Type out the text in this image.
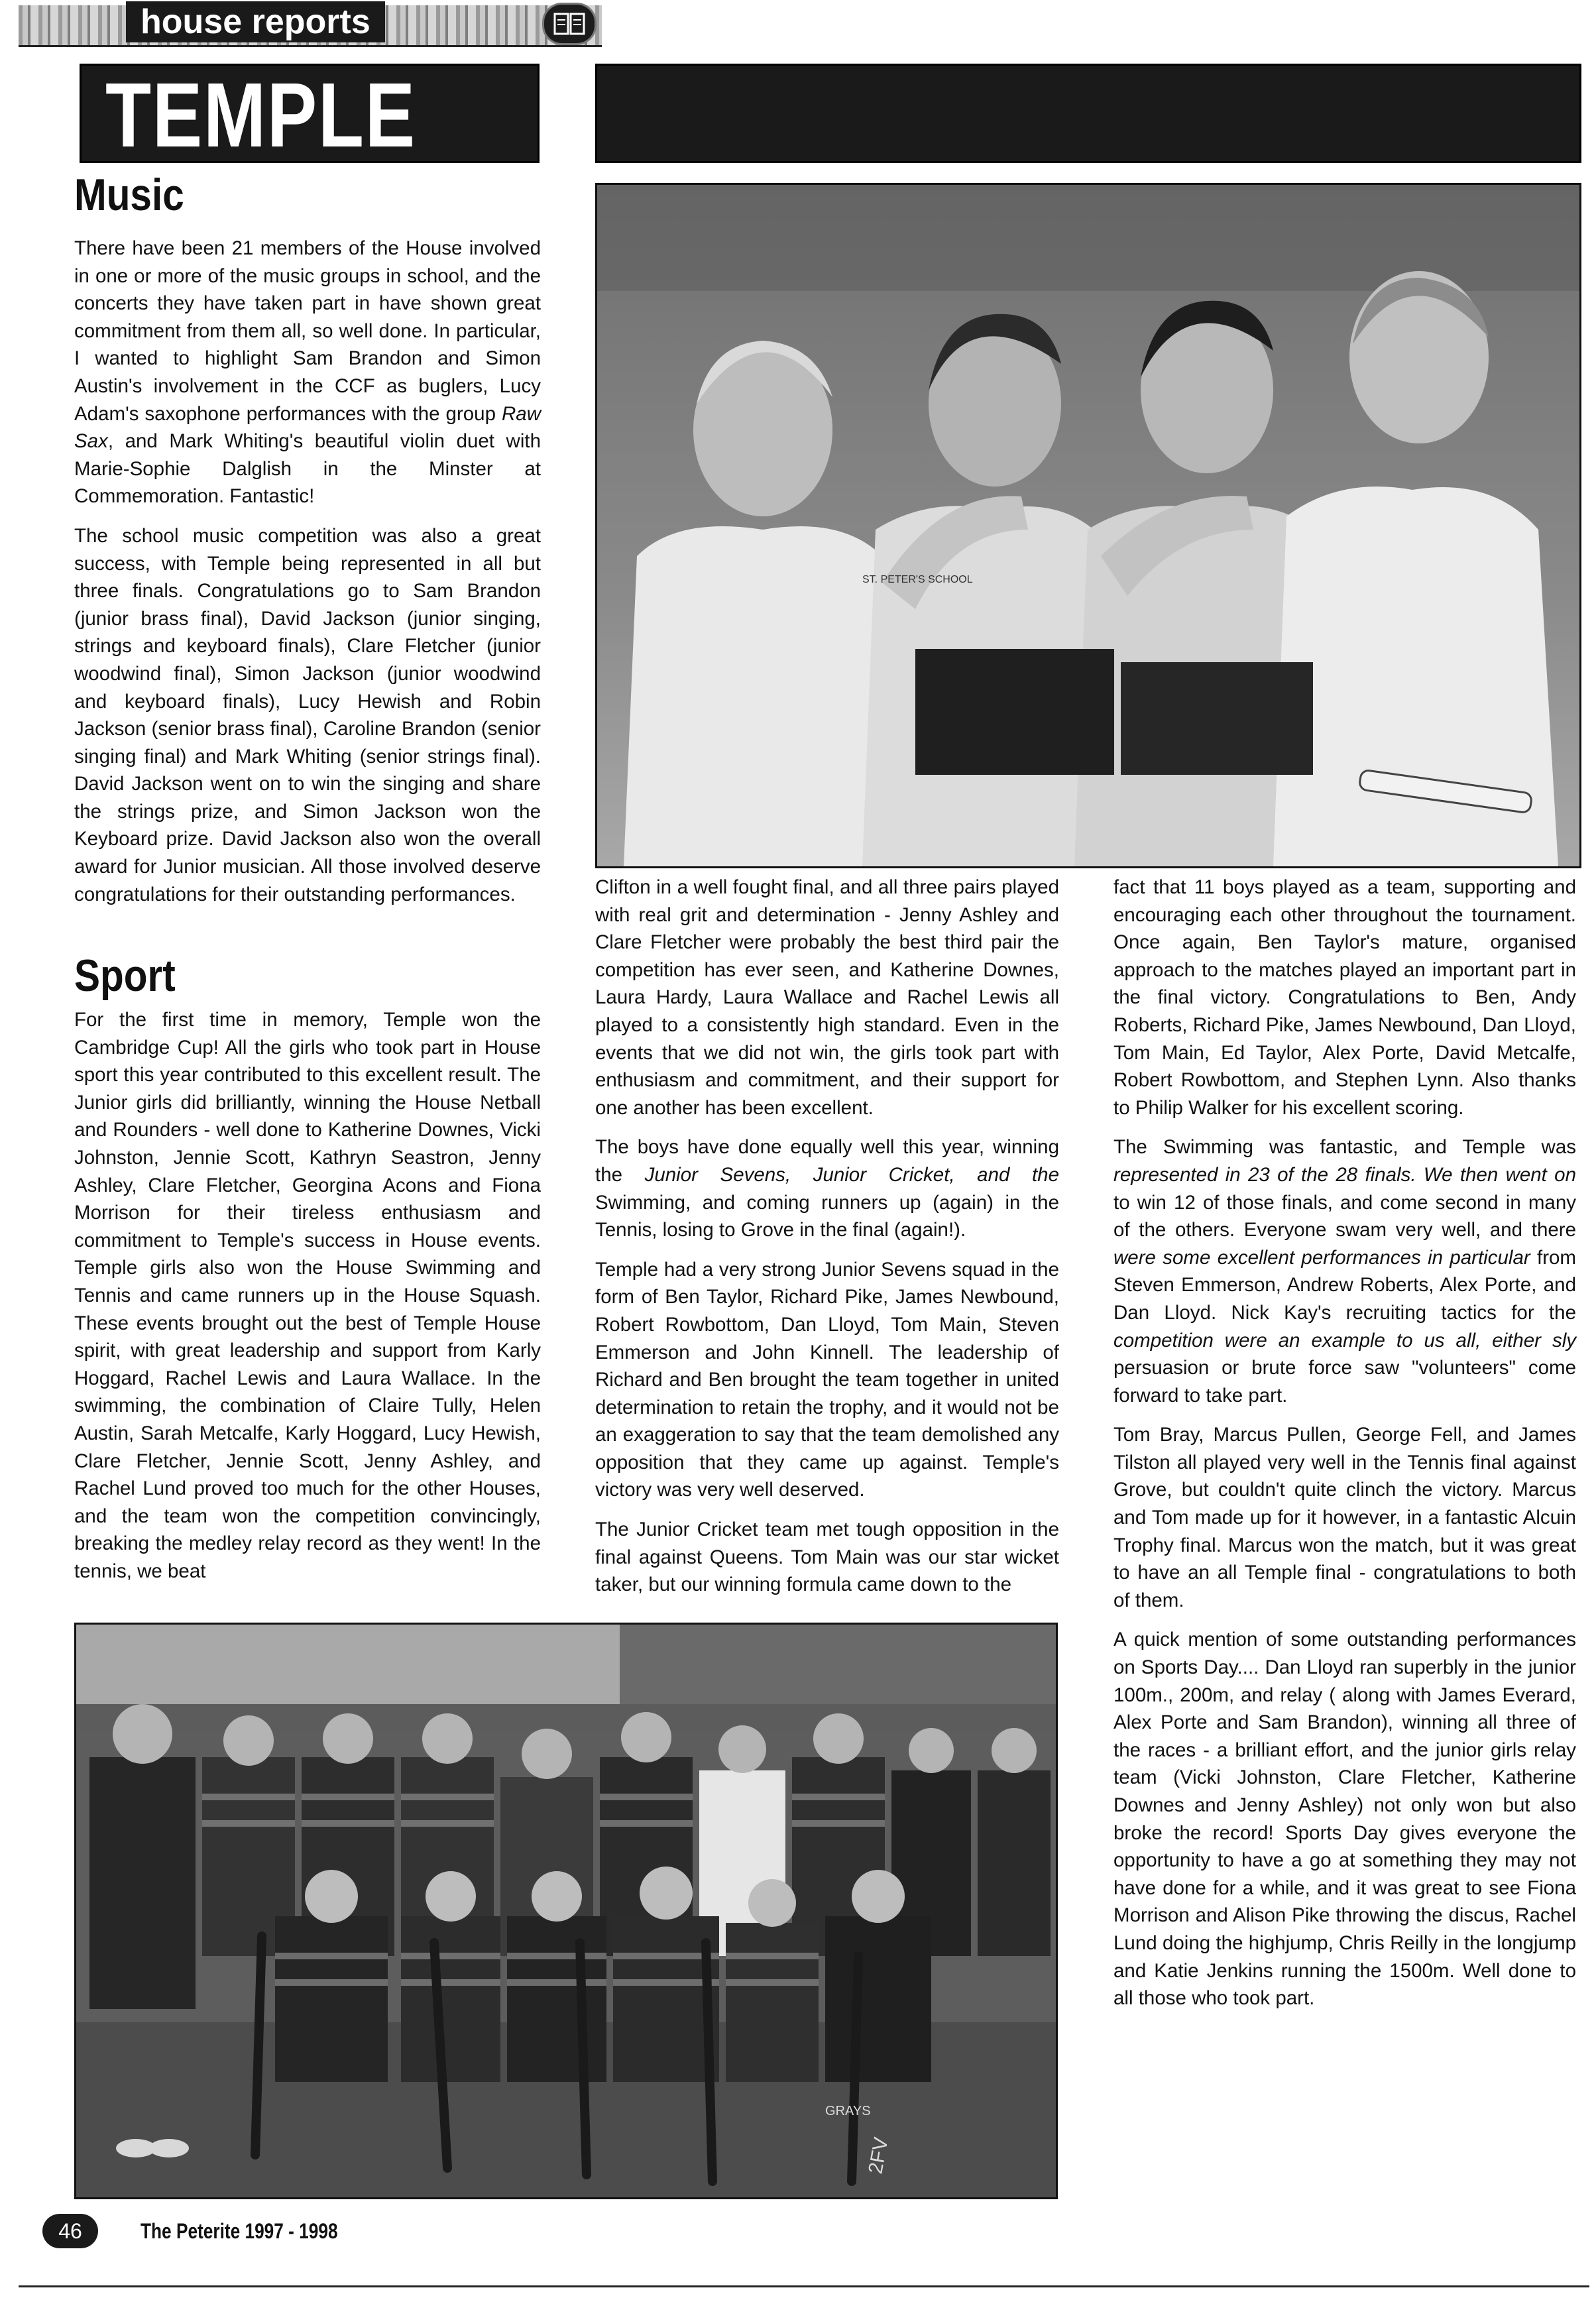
house reports
TEMPLE
Music

There have been 21 members of the House involved in one or more of the music groups in school, and the concerts they have taken part in have shown great commitment from them all, so well done. In particular, I wanted to highlight Sam Brandon and Simon Austin's involvement in the CCF as buglers, Lucy Adam's saxophone performances with the group Raw Sax, and Mark Whiting's beautiful violin duet with Marie-Sophie Dalglish in the Minster at Commemoration. Fantastic!

The school music competition was also a great success, with Temple being represented in all but three finals. Congratulations go to Sam Brandon (junior brass final), David Jackson (junior singing, strings and keyboard finals), Clare Fletcher (junior woodwind final), Simon Jackson (junior woodwind and keyboard finals), Lucy Hewish and Robin Jackson (senior brass final), Caroline Brandon (senior singing final) and Mark Whiting (senior strings final). David Jackson went on to win the singing and share the strings prize, and Simon Jackson won the Keyboard prize. David Jackson also won the overall award for Junior musician. All those involved deserve congratulations for their outstanding performances.

Sport

For the first time in memory, Temple won the Cambridge Cup! All the girls who took part in House sport this year contributed to this excellent result. The Junior girls did brilliantly, winning the House Netball and Rounders - well done to Katherine Downes, Vicki Johnston, Jennie Scott, Kathryn Seastron, Jenny Ashley, Clare Fletcher, Georgina Acons and Fiona Morrison for their tireless enthusiasm and commitment to Temple's success in House events. Temple girls also won the House Swimming and Tennis and came runners up in the House Squash. These events brought out the best of Temple House spirit, with great leadership and support from Karly Hoggard, Rachel Lewis and Laura Wallace. In the swimming, the combination of Claire Tully, Helen Austin, Sarah Metcalfe, Karly Hoggard, Lucy Hewish, Clare Fletcher, Jennie Scott, Jenny Ashley, and Rachel Lund proved too much for the other Houses, and the team won the competition convincingly, breaking the medley relay record as they went! In the tennis, we beat

ST. PETER'S SCHOOL

Clifton in a well fought final, and all three pairs played with real grit and determination - Jenny Ashley and Clare Fletcher were probably the best third pair the competition has ever seen, and Katherine Downes, Laura Hardy, Laura Wallace and Rachel Lewis all played to a consistently high standard. Even in the events that we did not win, the girls took part with enthusiasm and commitment, and their support for one another has been excellent.

The boys have done equally well this year, winning the Junior Sevens, Junior Cricket, and the Swimming, and coming runners up (again) in the Tennis, losing to Grove in the final (again!).

Temple had a very strong Junior Sevens squad in the form of Ben Taylor, Richard Pike, James Newbound, Robert Rowbottom, Dan Lloyd, Tom Main, Steven Emmerson and John Kinnell. The leadership of Richard and Ben brought the team together in united determination to retain the trophy, and it would not be an exaggeration to say that the team demolished any opposition that they came up against. Temple's victory was very well deserved.

The Junior Cricket team met tough opposition in the final against Queens. Tom Main was our star wicket taker, but our winning formula came down to the

fact that 11 boys played as a team, supporting and encouraging each other throughout the tournament. Once again, Ben Taylor's mature, organised approach to the matches played an important part in the final victory. Congratulations to Ben, Andy Roberts, Richard Pike, James Newbound, Dan Lloyd, Tom Main, Ed Taylor, Alex Porte, David Metcalfe, Robert Rowbottom, and Stephen Lynn. Also thanks to Philip Walker for his excellent scoring.

The Swimming was fantastic, and Temple was represented in 23 of the 28 finals. We then went on to win 12 of those finals, and come second in many of the others. Everyone swam very well, and there were some excellent performances in particular from Steven Emmerson, Andrew Roberts, Alex Porte, and Dan Lloyd. Nick Kay's recruiting tactics for the competition were an example to us all, either sly persuasion or brute force saw "volunteers" come forward to take part.

Tom Bray, Marcus Pullen, George Fell, and James Tilston all played very well in the Tennis final against Grove, but couldn't quite clinch the victory. Marcus and Tom made up for it however, in a fantastic Alcuin Trophy final. Marcus won the match, but it was great to have an all Temple final - congratulations to both of them.

A quick mention of some outstanding performances on Sports Day.... Dan Lloyd ran superbly in the junior 100m., 200m, and relay ( along with James Everard, Alex Porte and Sam Brandon), winning all three of the races - a brilliant effort, and the junior girls relay team (Vicki Johnston, Clare Fletcher, Katherine Downes and Jenny Ashley) not only won but also broke the record! Sports Day gives everyone the opportunity to have a go at something they may not have done for a while, and it was great to see Fiona Morrison and Alison Pike throwing the discus, Rachel Lund doing the highjump, Chris Reilly in the longjump and Katie Jenkins running the 1500m. Well done to all those who took part.

GRAYS
2FV
46	The Peterite 1997 - 1998
